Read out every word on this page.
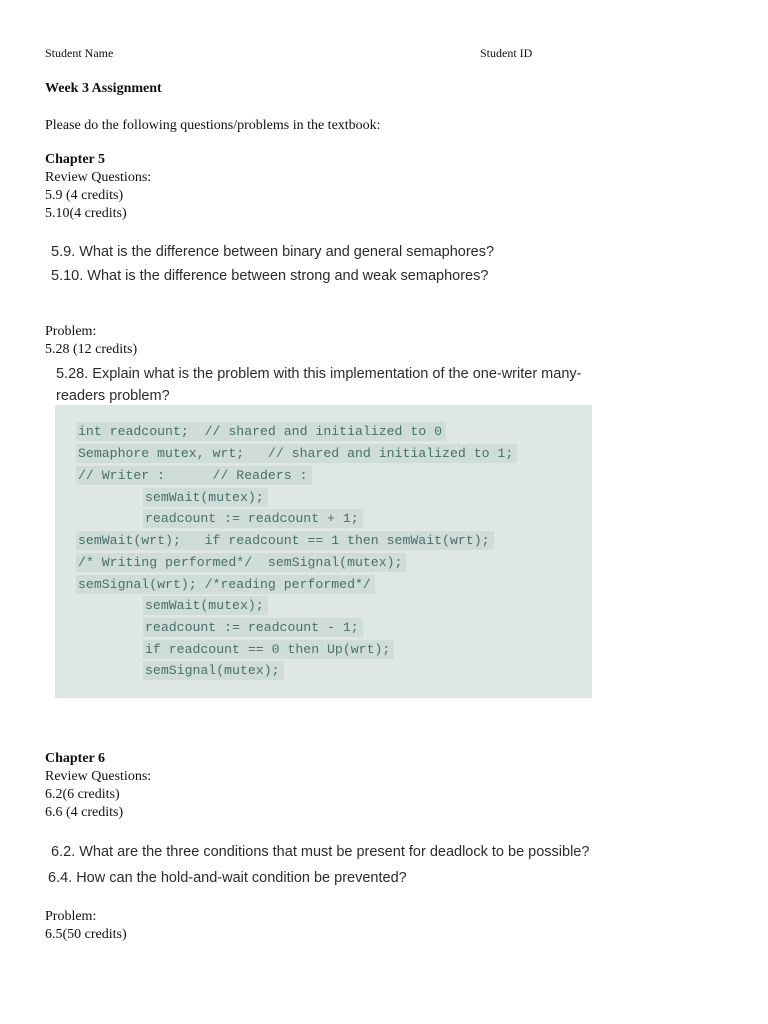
Student Name	Student ID
Week 3 Assignment
Please do the following questions/problems in the textbook:
Chapter 5
Review Questions:
5.9 (4 credits)
5.10(4 credits)
5.9. What is the difference between binary and general semaphores?
5.10. What is the difference between strong and weak semaphores?
Problem:
5.28 (12 credits)
5.28. Explain what is the problem with this implementation of the one-writer many-
readers problem?
int readcount;  // shared and initialized to 0
Semaphore mutex, wrt;   // shared and initialized to 1;
// Writer :      // Readers :
semWait(mutex);
readcount := readcount + 1;
semWait(wrt);   if readcount == 1 then semWait(wrt);
/* Writing performed*/  semSignal(mutex);
semSignal(wrt); /*reading performed*/
semWait(mutex);
readcount := readcount - 1;
if readcount == 0 then Up(wrt);
semSignal(mutex);
Chapter 6
Review Questions:
6.2(6 credits)
6.6 (4 credits)
6.2. What are the three conditions that must be present for deadlock to be possible?
6.4. How can the hold-and-wait condition be prevented?
Problem:
6.5(50 credits)
